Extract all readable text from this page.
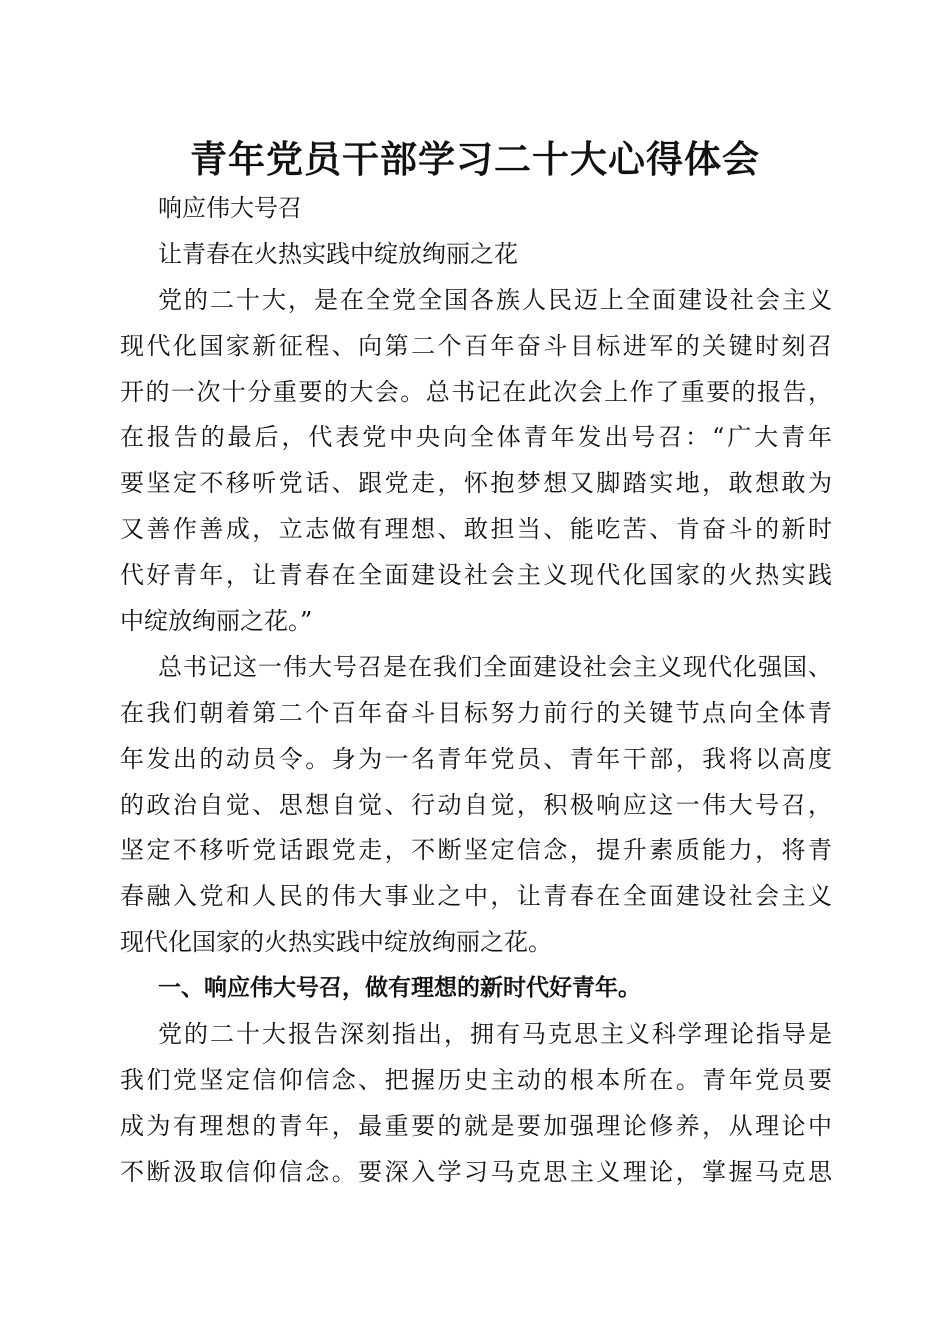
青年党员干部学习二十大心得体会
响应伟大号召
让青春在火热实践中绽放绚丽之花
党的二十大，是在全党全国各族人民迈上全面建设社会主义
现代化国家新征程、向第二个百年奋斗目标进军的关键时刻召
开的一次十分重要的大会。总书记在此次会上作了重要的报告，
在报告的最后，代表党中央向全体青年发出号召：“广大青年
要坚定不移听党话、跟党走，怀抱梦想又脚踏实地，敢想敢为
又善作善成，立志做有理想、敢担当、能吃苦、肯奋斗的新时
代好青年，让青春在全面建设社会主义现代化国家的火热实践
中绽放绚丽之花。”
总书记这一伟大号召是在我们全面建设社会主义现代化强国、
在我们朝着第二个百年奋斗目标努力前行的关键节点向全体青
年发出的动员令。身为一名青年党员、青年干部，我将以高度
的政治自觉、思想自觉、行动自觉，积极响应这一伟大号召，
坚定不移听党话跟党走，不断坚定信念，提升素质能力，将青
春融入党和人民的伟大事业之中，让青春在全面建设社会主义
现代化国家的火热实践中绽放绚丽之花。
一、响应伟大号召，做有理想的新时代好青年。
党的二十大报告深刻指出，拥有马克思主义科学理论指导是
我们党坚定信仰信念、把握历史主动的根本所在。青年党员要
成为有理想的青年，最重要的就是要加强理论修养，从理论中
不断汲取信仰信念。要深入学习马克思主义理论，掌握马克思
